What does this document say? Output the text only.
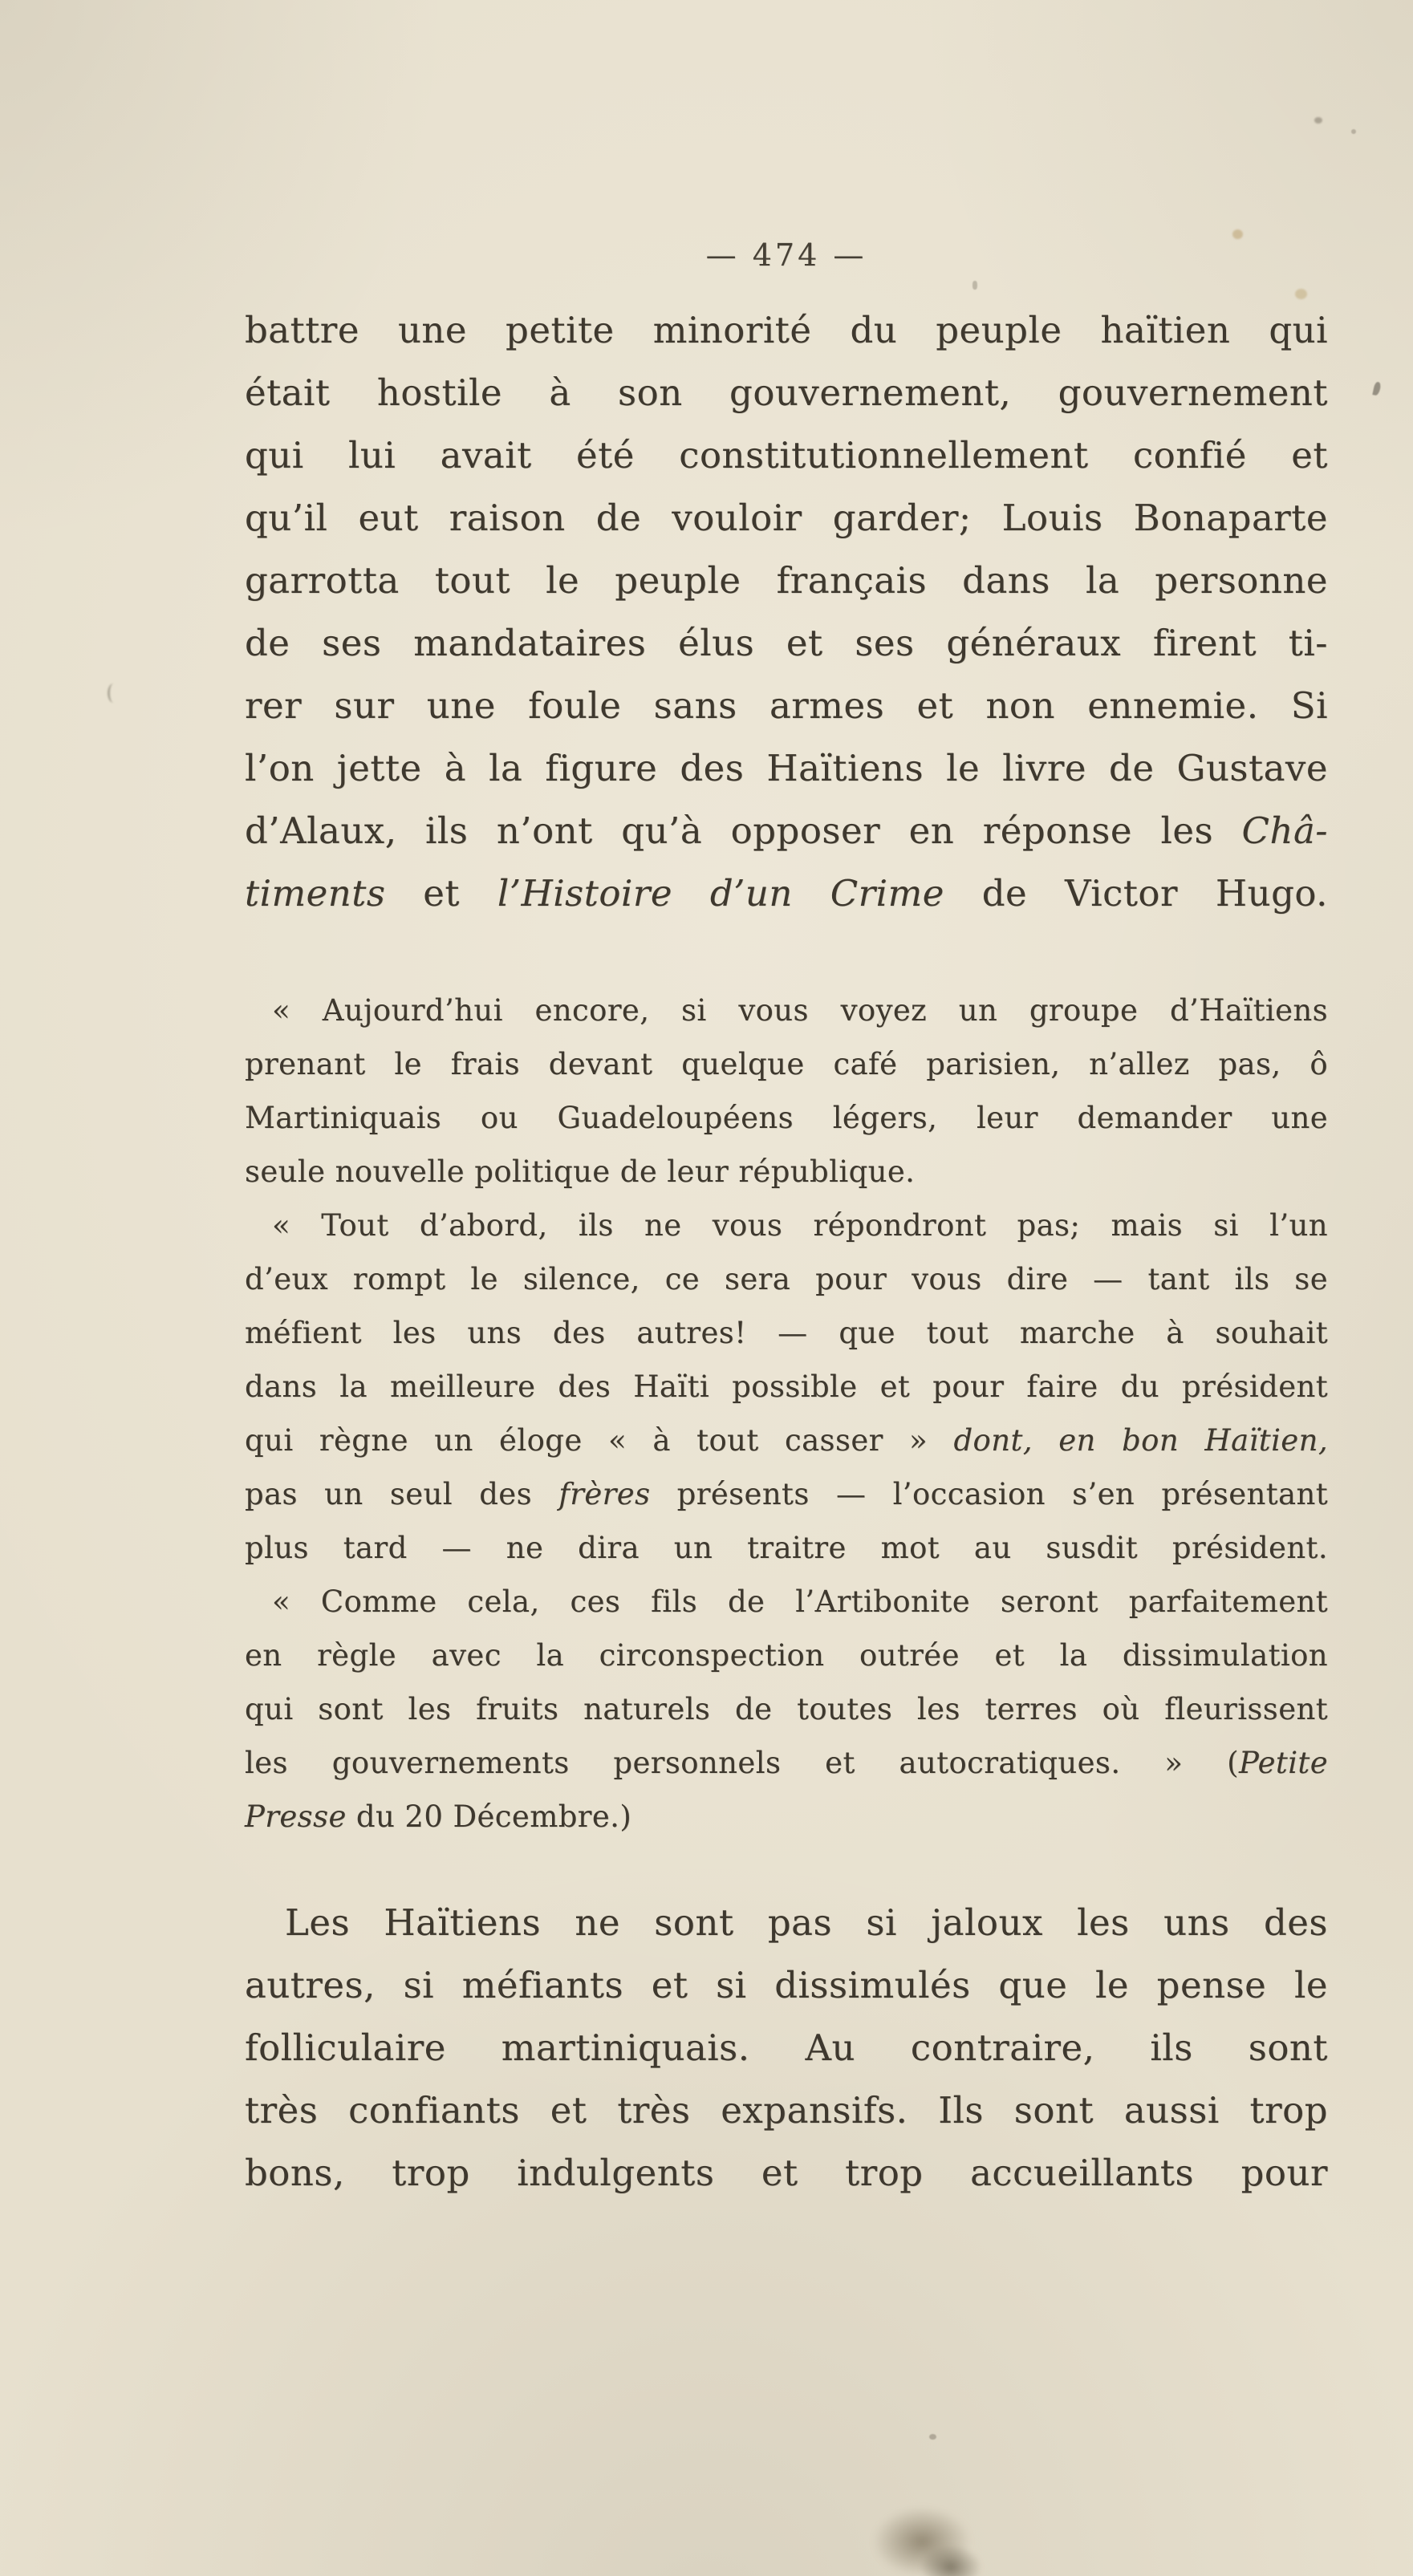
— 474 —
battre une petite minorité du peuple haïtien qui
était hostile à son gouvernement, gouvernement
qui lui avait été constitutionnellement confié et
qu’il eut raison de vouloir garder; Louis Bonaparte
garrotta tout le peuple français dans la personne
de ses mandataires élus et ses généraux firent ti-
rer sur une foule sans armes et non ennemie. Si
l’on jette à la figure des Haïtiens le livre de Gustave
d’Alaux, ils n’ont qu’à opposer en réponse les Châ-
timents et l’Histoire d’un Crime de Victor Hugo.
« Aujourd’hui encore, si vous voyez un groupe d’Haïtiens
prenant le frais devant quelque café parisien, n’allez pas, ô
Martiniquais ou Guadeloupéens légers, leur demander une
seule nouvelle politique de leur république.
« Tout d’abord, ils ne vous répondront pas; mais si l’un
d’eux rompt le silence, ce sera pour vous dire — tant ils se
méfient les uns des autres! — que tout marche à souhait
dans la meilleure des Haïti possible et pour faire du président
qui règne un éloge « à tout casser » dont, en bon Haïtien,
pas un seul des frères présents — l’occasion s’en présentant
plus tard — ne dira un traitre mot au susdit président.
« Comme cela, ces fils de l’Artibonite seront parfaitement
en règle avec la circonspection outrée et la dissimulation
qui sont les fruits naturels de toutes les terres où fleurissent
les gouvernements personnels et autocratiques. » (Petite
Presse du 20 Décembre.)
Les Haïtiens ne sont pas si jaloux les uns des
autres, si méfiants et si dissimulés que le pense le
folliculaire martiniquais. Au contraire, ils sont
très confiants et très expansifs. Ils sont aussi trop
bons, trop indulgents et trop accueillants pour
